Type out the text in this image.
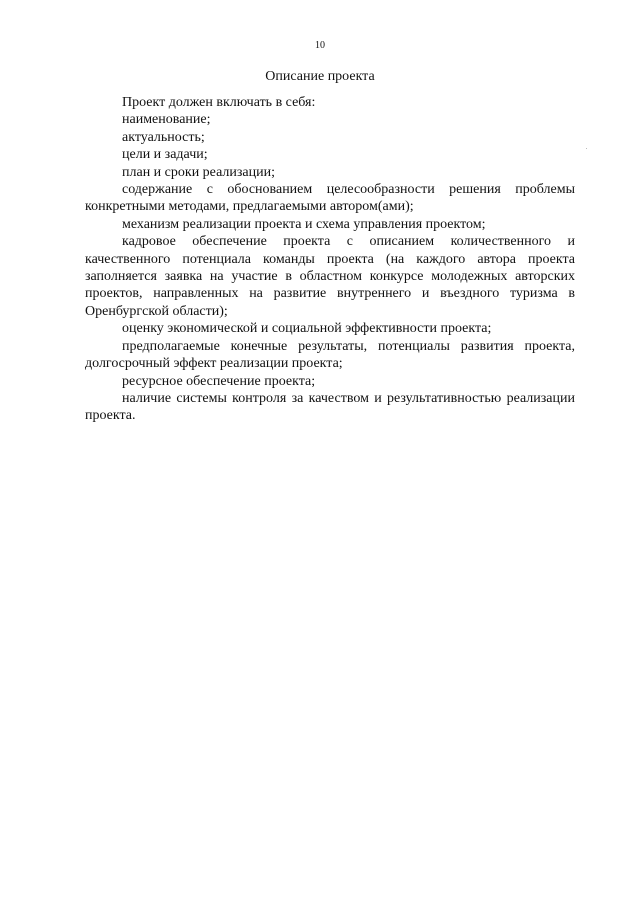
10
Описание проекта

Проект должен включать в себя:

наименование;

актуальность;

цели и задачи;

план и сроки реализации;

содержание с обоснованием целесообразности решения проблемы конкретными методами, предлагаемыми автором(ами);

механизм реализации проекта и схема управления проектом;

кадровое обеспечение проекта с описанием количественного и качественного потенциала команды проекта (на каждого автора проекта заполняется заявка на участие в областном конкурсе молодежных авторских проектов, направленных на развитие внутреннего и въездного туризма в Оренбургской области);

оценку экономической и социальной эффективности проекта;

предполагаемые конечные результаты, потенциалы развития проекта, долгосрочный эффект реализации проекта;

ресурсное обеспечение проекта;

наличие системы контроля за качеством и результативностью реализации проекта.
